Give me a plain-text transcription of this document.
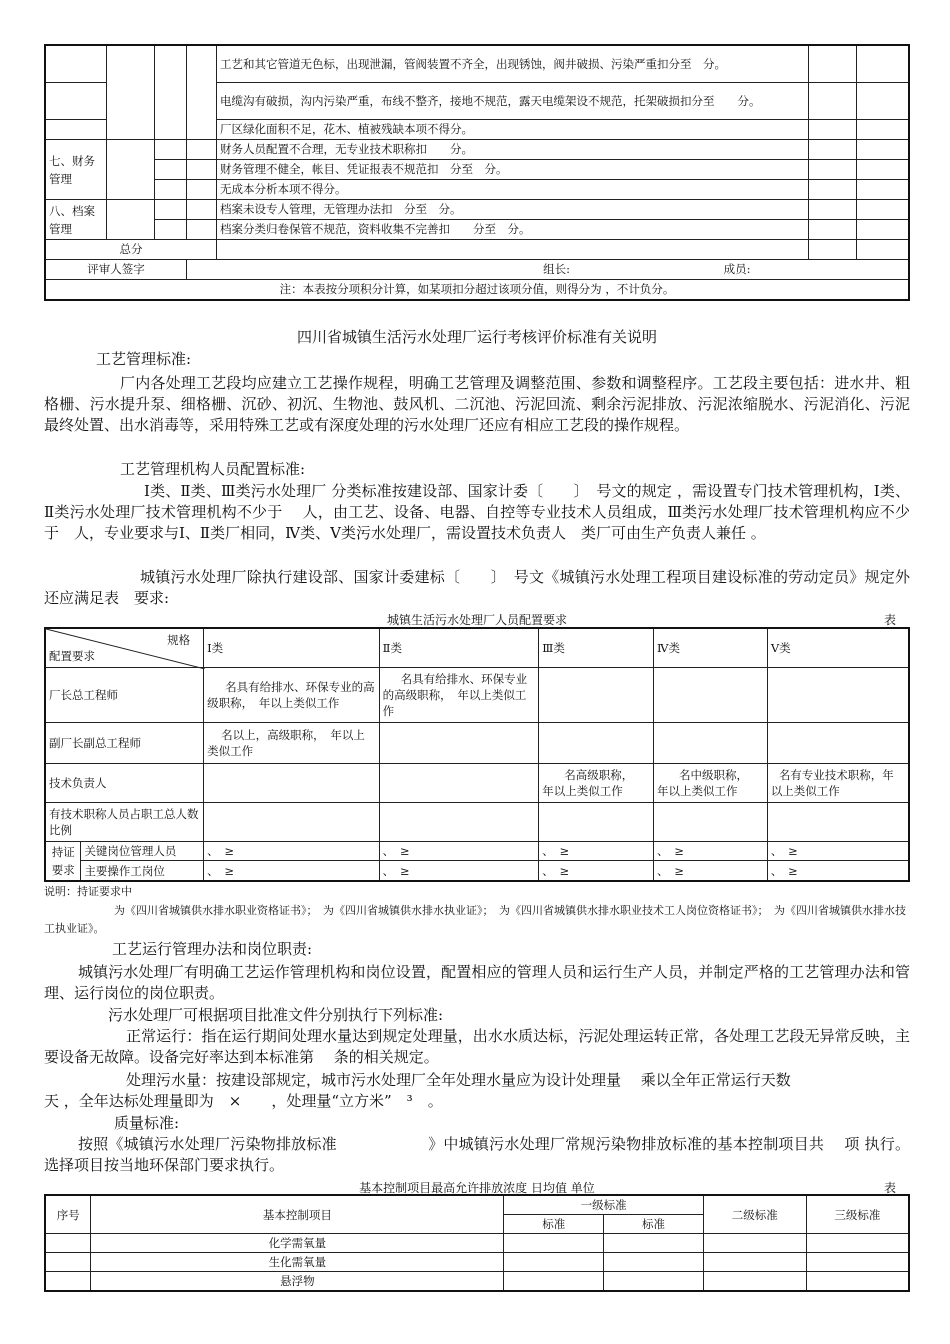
				工艺和其它管道无色标，出现泄漏，管阀装置不齐全，出现锈蚀，阀井破损、污染严重扣分至　分。		
				电缆沟有破损，沟内污染严重，布线不整齐，接地不规范，露天电缆架设不规范，托架破损扣分至　　分。		
				厂区绿化面积不足，花木、植被残缺本项不得分。		
七、财务管理				财务人员配置不合理，无专业技术职称扣　　分。		
				财务管理不健全，帐目、凭证报表不规范扣　分至　分。		
				无成本分析本项不得分。		
八、档案管理				档案未设专人管理，无管理办法扣　分至　分。		
				档案分类归卷保管不规范，资料收集不完善扣　　分至　分。		
总分						
评审人签字			组长: 成员:			
注：本表按分项积分计算，如某项扣分超过该项分值，则得分为 ，不计负分。						
四川省城镇生活污水处理厂运行考核评价标准有关说明
工艺管理标准:
厂内各处理工艺段均应建立工艺操作规程，明确工艺管理及调整范围、参数和调整程序。工艺段主要包括：进水井、粗格栅、污水提升泵、细格栅、沉砂、初沉、生物池、鼓风机、二沉池、污泥回流、剩余污泥排放、污泥浓缩脱水、污泥消化、污泥最终处置、出水消毒等，采用特殊工艺或有深度处理的污水处理厂还应有相应工艺段的操作规程。
工艺管理机构人员配置标准:
Ⅰ类、Ⅱ类、Ⅲ类污水处理厂 分类标准按建设部、国家计委〔　　〕　号文的规定 ，需设置专门技术管理机构，Ⅰ类、Ⅱ类污水处理厂技术管理机构不少于　 人，由工艺、设备、电器、自控等专业技术人员组成，Ⅲ类污水处理厂技术管理机构应不少于　人，专业要求与Ⅰ、Ⅱ类厂相同，Ⅳ类、Ⅴ类污水处理厂，需设置技术负责人　类厂可由生产负责人兼任 。
城镇污水处理厂除执行建设部、国家计委建标〔　　〕　号文《城镇污水处理工程项目建设标准的劳动定员》规定外还应满足表　要求:
城镇生活污水处理厂人员配置要求	表
规格
配置要求		Ⅰ类	Ⅱ类	Ⅲ类	Ⅳ类	Ⅴ类
厂长总工程师		名具有给排水、环保专业的高级职称，　年以上类似工作	名具有给排水、环保专业的高级职称，　年以上类似工作			
副厂长副总工程师		名以上，高级职称，　年以上类似工作				
技术负责人				名高级职称，　年以上类似工作	名中级职称，　年以上类似工作	名有专业技术职称，年以上类似工作
有技术职称人员占职工总人数比例						
持证要求	关键岗位管理人员	、　≥	、　≥	、　≥	、　≥	、　≥
	主要操作工岗位	、　≥	、　≥	、　≥	、　≥	、　≥
说明：持证要求中
为《四川省城镇供水排水职业资格证书》；　为《四川省城镇供水排水执业证》；　为《四川省城镇供水排水职业技术工人岗位资格证书》；　为《四川省城镇供水排水技工执业证》。
工艺运行管理办法和岗位职责:
城镇污水处理厂有明确工艺运作管理机构和岗位设置，配置相应的管理人员和运行生产人员，并制定严格的工艺管理办法和管理、运行岗位的岗位职责。
污水处理厂可根据项目批准文件分别执行下列标准:
正常运行：指在运行期间处理水量达到规定处理量，出水水质达标，污泥处理运转正常，各处理工艺段无异常反映，主要设备无故障。设备完好率达到本标准第　 条的相关规定。
处理污水量：按建设部规定，城市污水处理厂全年处理水量应为设计处理量　 乘以全年正常运行天数
天 ，全年达标处理量即为　×　　，处理量“立方米”　³　。
质量标准:
按照《城镇污水处理厂污染物排放标准　　　　　　》中城镇污水处理厂常规污染物排放标准的基本控制项目共　 项 执行。选择项目按当地环保部门要求执行。
基本控制项目最高允许排放浓度 日均值 单位	表
序号	基本控制项目	一级标准		二级标准	三级标准
		标准	标准		
	化学需氧量				
	生化需氧量				
	悬浮物				
